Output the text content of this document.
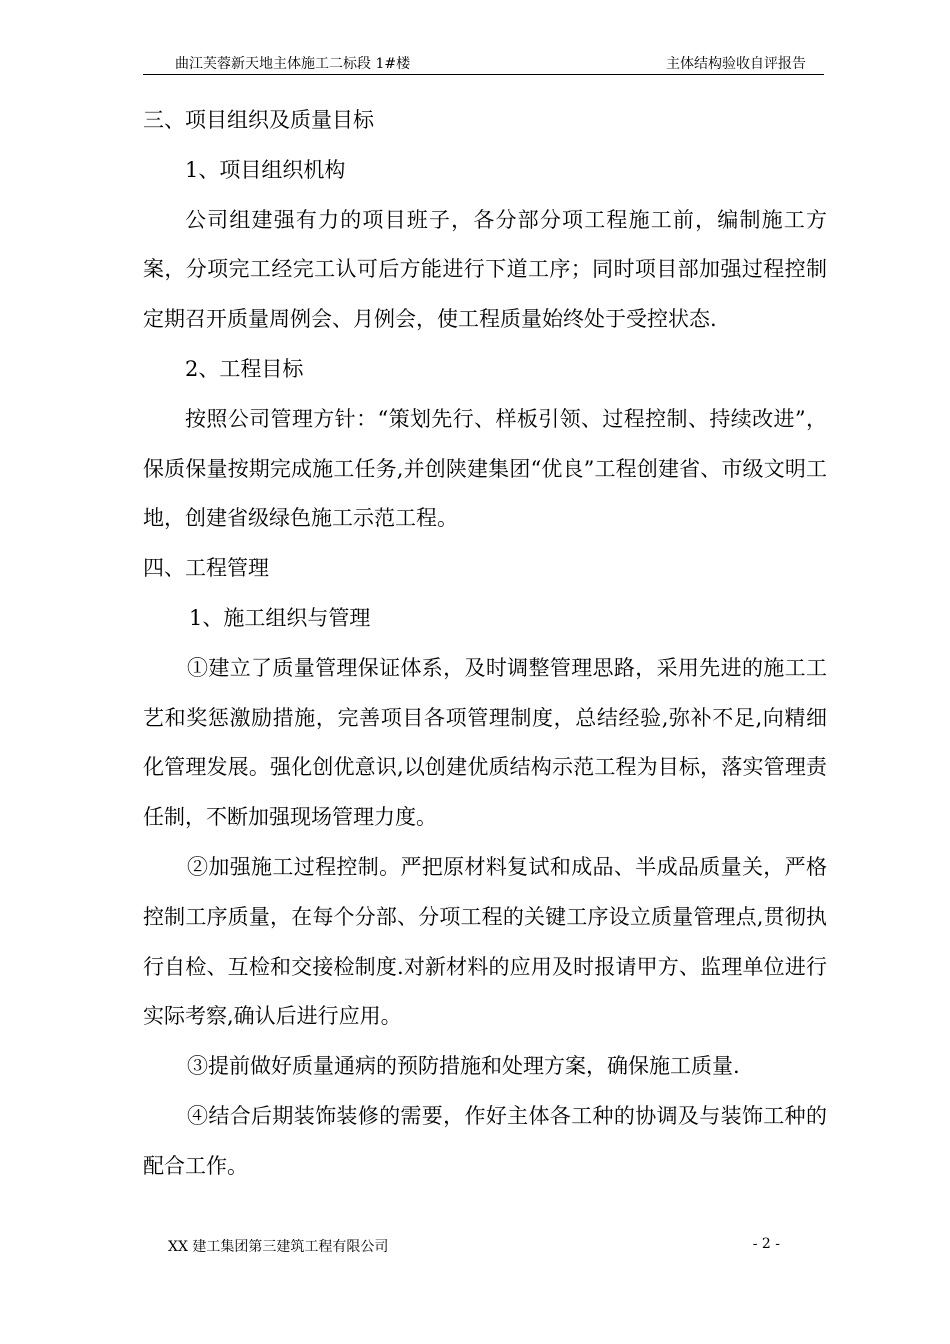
曲江芙蓉新天地主体施工二标段 1#楼	主体结构验收自评报告

三、项目组织及质量目标

1、项目组织机构

公司组建强有力的项目班子，各分部分项工程施工前，编制施工方案，分项完工经完工认可后方能进行下道工序；同时项目部加强过程控制定期召开质量周例会、月例会，使工程质量始终处于受控状态.

2、工程目标

按照公司管理方针：“策划先行、样板引领、过程控制、持续改进”，保质保量按期完成施工任务,并创陕建集团“优良”工程创建省、市级文明工地，创建省级绿色施工示范工程。

四、工程管理

1、施工组织与管理

①建立了质量管理保证体系，及时调整管理思路，采用先进的施工工艺和奖惩激励措施，完善项目各项管理制度，总结经验,弥补不足,向精细化管理发展。强化创优意识,以创建优质结构示范工程为目标，落实管理责任制，不断加强现场管理力度。

②加强施工过程控制。严把原材料复试和成品、半成品质量关，严格控制工序质量，在每个分部、分项工程的关键工序设立质量管理点,贯彻执行自检、互检和交接检制度.对新材料的应用及时报请甲方、监理单位进行实际考察,确认后进行应用。

③提前做好质量通病的预防措施和处理方案，确保施工质量.

④结合后期装饰装修的需要，作好主体各工种的协调及与装饰工种的配合工作。

XX 建工集团第三建筑工程有限公司	- 2 -
